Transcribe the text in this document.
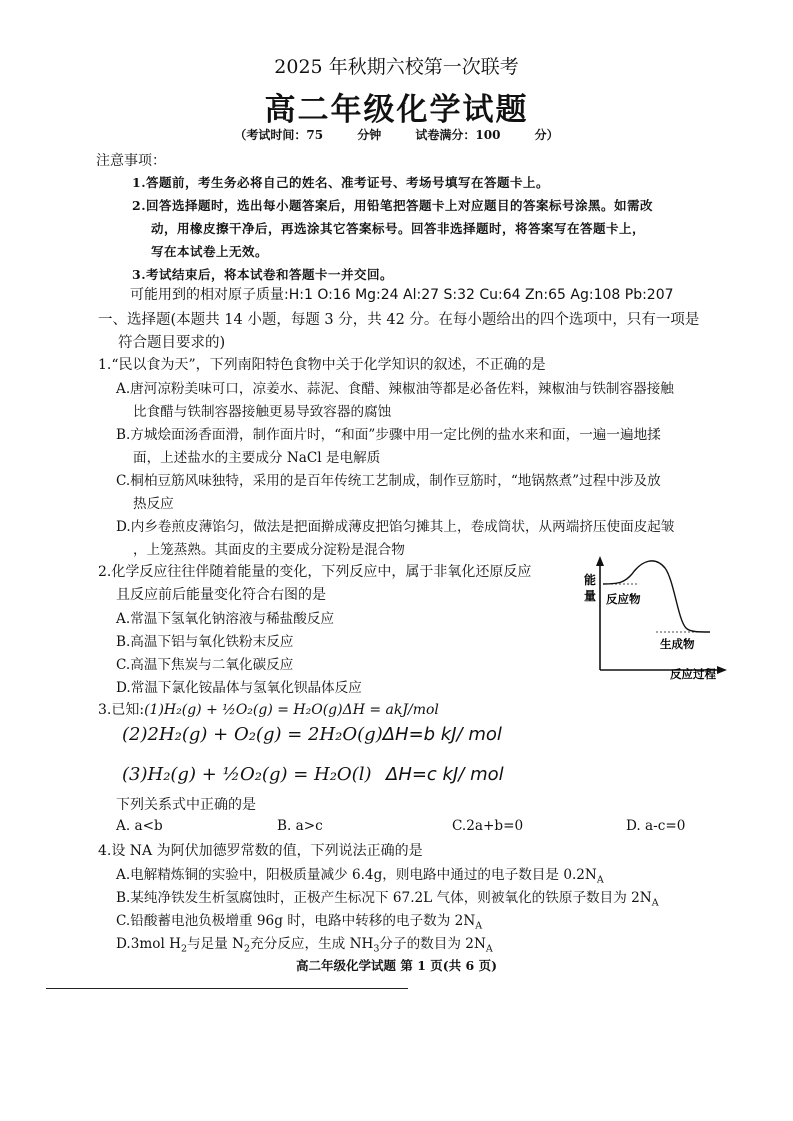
2025 年秋期六校第一次联考
高二年级化学试题
（考试时间：75 分钟 试卷满分：100 分）
注意事项：
1.答题前，考生务必将自己的姓名、准考证号、考场号填写在答题卡上。
2.回答选择题时，选出每小题答案后，用铅笔把答题卡上对应题目的答案标号涂黑。如需改
动，用橡皮擦干净后，再选涂其它答案标号。回答非选择题时，将答案写在答题卡上，
写在本试卷上无效。
3.考试结束后，将本试卷和答题卡一并交回。
可能用到的相对原子质量:H:1 O:16 Mg:24 Al:27 S:32 Cu:64 Zn:65 Ag:108 Pb:207
一、选择题(本题共 14 小题，每题 3 分，共 42 分。在每小题给出的四个选项中，只有一项是
符合题目要求的)
1.“民以食为天”，下列南阳特色食物中关于化学知识的叙述，不正确的是
A.唐河凉粉美味可口，凉姜水、蒜泥、食醋、辣椒油等都是必备佐料，辣椒油与铁制容器接触
比食醋与铁制容器接触更易导致容器的腐蚀
B.方城烩面汤香面滑，制作面片时，“和面”步骤中用一定比例的盐水来和面，一遍一遍地揉
面，上述盐水的主要成分 NaCl 是电解质
C.桐柏豆筋风味独特，采用的是百年传统工艺制成，制作豆筋时，“地锅熬煮”过程中涉及放
热反应
D.内乡卷煎皮薄馅匀，做法是把面擀成薄皮把馅匀摊其上，卷成筒状，从两端挤压使面皮起皱
，上笼蒸熟。其面皮的主要成分淀粉是混合物
2.化学反应往往伴随着能量的变化，下列反应中，属于非氧化还原反应
且反应前后能量变化符合右图的是
A.常温下氢氧化钠溶液与稀盐酸反应
B.高温下铝与氧化铁粉末反应
C.高温下焦炭与二氧化碳反应
D.常温下氯化铵晶体与氢氧化钡晶体反应
能
量 反应物
生成物
反应过程
3.已知:(1)H₂(g) + ½O₂(g) = H₂O(g)ΔH = akJ/mol
(2)2H₂(g) + O₂(g) = 2H₂O(g)ΔH=b kJ/ mol
(3)H₂(g) + ½O₂(g) = H₂O(l) ΔH=c kJ/ mol
下列关系式中正确的是
A. a<b	B. a>c	C.2a+b=0	D. a-c=0
4.设 NA 为阿伏加德罗常数的值，下列说法正确的是
A.电解精炼铜的实验中，阳极质量减少 6.4g，则电路中通过的电子数目是 $0.2N_A$
B.某纯净铁发生析氢腐蚀时，正极产生标况下 67.2L 气体，则被氧化的铁原子数目为 $2N_A$
C.铅酸蓄电池负极增重 96g 时，电路中转移的电子数为 $2N_A$
D.3mol $H_2$与足量 $N_2$充分反应，生成 $NH_3$分子的数目为 $2N_A$
高二年级化学试题 第 1 页(共 6 页)
